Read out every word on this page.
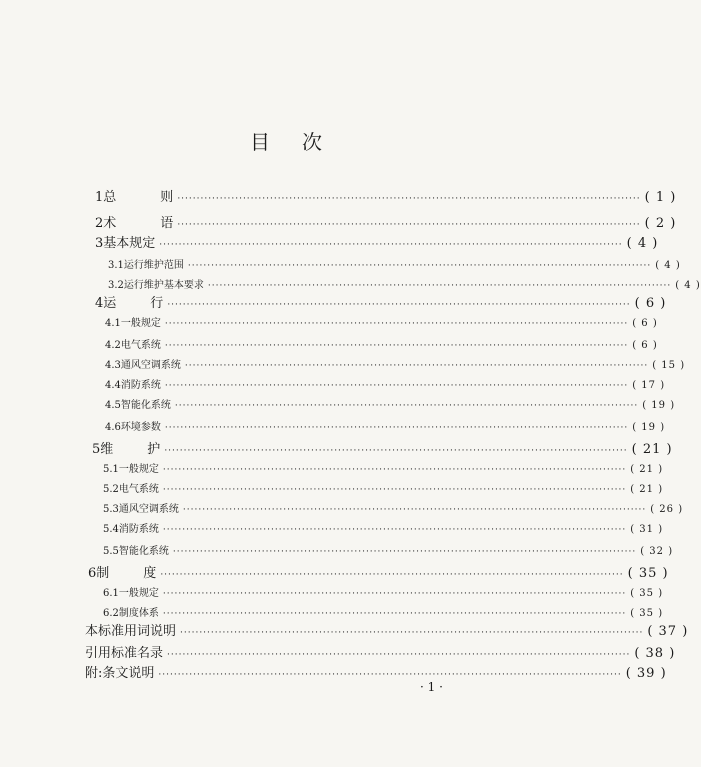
目 次
1 总	则 ························································································································ ( 1 )
2 术	语 ························································································································ ( 2 )
3 基本规定 ························································································································ ( 4 )
3.1 运行维护范围 ························································································································ ( 4 )
3.2 运行维护基本要求 ························································································································ ( 4 )
4 运	行 ························································································································ ( 6 )
4.1 一般规定 ························································································································ ( 6 )
4.2 电气系统 ························································································································ ( 6 )
4.3 通风空调系统 ························································································································ ( 15 )
4.4 消防系统 ························································································································ ( 17 )
4.5 智能化系统 ························································································································ ( 19 )
4.6 环境参数 ························································································································ ( 19 )
5 维	护 ························································································································ ( 21 )
5.1 一般规定 ························································································································ ( 21 )
5.2 电气系统 ························································································································ ( 21 )
5.3 通风空调系统 ························································································································ ( 26 )
5.4 消防系统 ························································································································ ( 31 )
5.5 智能化系统 ························································································································ ( 32 )
6 制	度 ························································································································ ( 35 )
6.1 一般规定 ························································································································ ( 35 )
6.2 制度体系 ························································································································ ( 35 )
本标准用词说明 ························································································································ ( 37 )
引用标准名录 ························································································································ ( 38 )
附:条文说明 ························································································································ ( 39 )
· 1 ·
